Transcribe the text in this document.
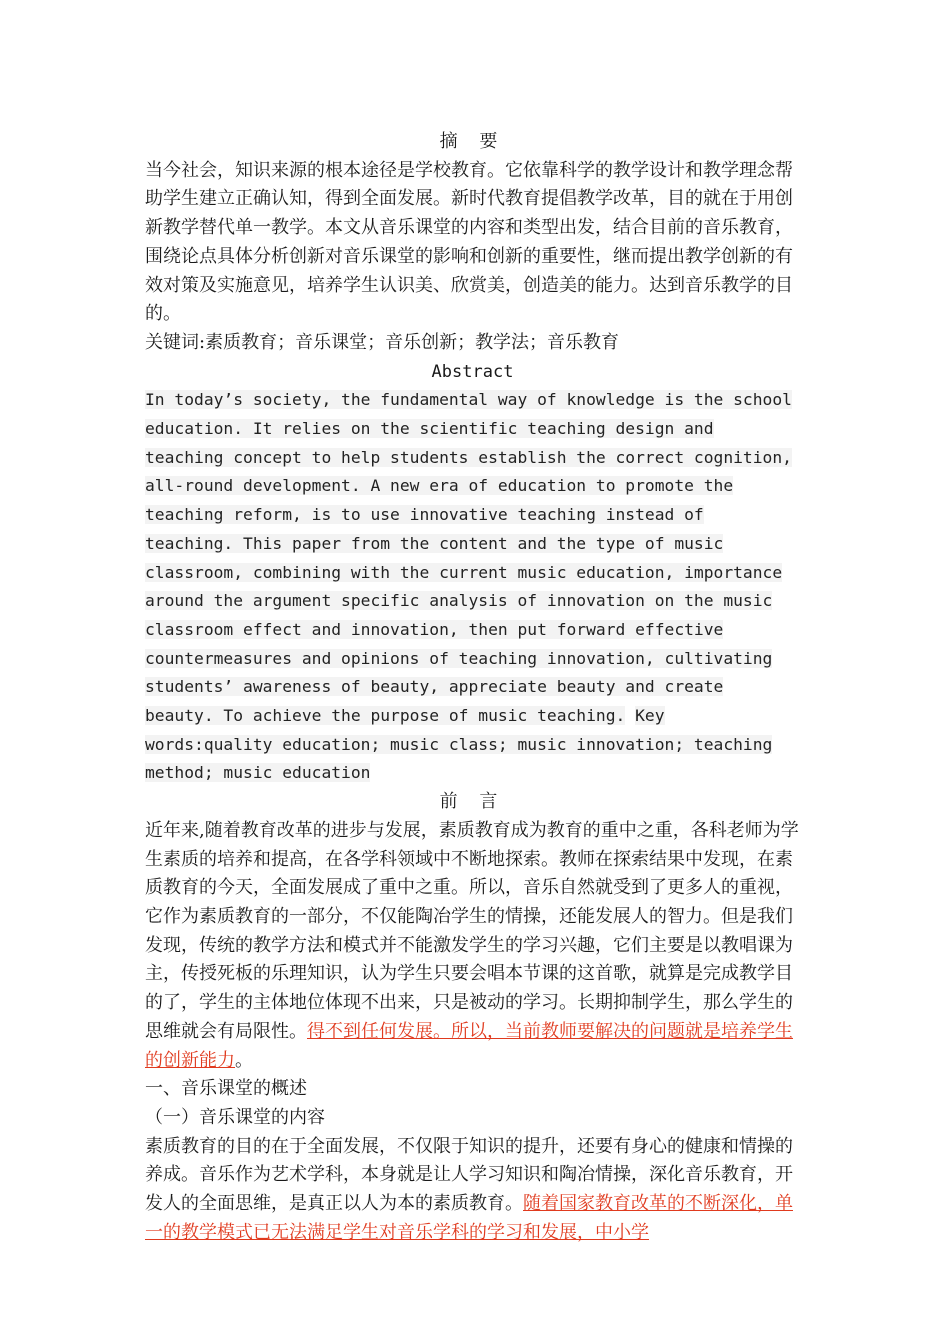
摘 要

当今社会，知识来源的根本途径是学校教育。它依靠科学的教学设计和教学理念帮助学生建立正确认知，得到全面发展。新时代教育提倡教学改革，目的就在于用创新教学替代单一教学。本文从音乐课堂的内容和类型出发，结合目前的音乐教育，围绕论点具体分析创新对音乐课堂的影响和创新的重要性，继而提出教学创新的有效对策及实施意见，培养学生认识美、欣赏美，创造美的能力。达到音乐教学的目的。

关键词:素质教育；音乐课堂；音乐创新；教学法；音乐教育

Abstract

In today’s society, the fundamental way of knowledge is the school education. It relies on the scientific teaching design and teaching concept to help students establish the correct cognition, all-round development. A new era of education to promote the teaching reform, is to use innovative teaching instead of teaching. This paper from the content and the type of music classroom, combining with the current music education, importance around the argument specific analysis of innovation on the music classroom effect and innovation, then put forward effective countermeasures and opinions of teaching innovation, cultivating students’ awareness of beauty, appreciate beauty and create beauty. To achieve the purpose of music teaching. Key words:quality education; music class; music innovation; teaching method; music education

前 言

近年来,随着教育改革的进步与发展，素质教育成为教育的重中之重，各科老师为学生素质的培养和提高，在各学科领域中不断地探索。教师在探索结果中发现，在素质教育的今天，全面发展成了重中之重。所以，音乐自然就受到了更多人的重视，它作为素质教育的一部分，不仅能陶冶学生的情操，还能发展人的智力。但是我们发现，传统的教学方法和模式并不能激发学生的学习兴趣，它们主要是以教唱课为主，传授死板的乐理知识，认为学生只要会唱本节课的这首歌，就算是完成教学目的了，学生的主体地位体现不出来，只是被动的学习。长期抑制学生，那么学生的思维就会有局限性。得不到任何发展。所以，当前教师要解决的问题就是培养学生的创新能力。

一、音乐课堂的概述

（一）音乐课堂的内容

素质教育的目的在于全面发展，不仅限于知识的提升，还要有身心的健康和情操的养成。音乐作为艺术学科，本身就是让人学习知识和陶冶情操，深化音乐教育，开发人的全面思维，是真正以人为本的素质教育。随着国家教育改革的不断深化，单一的教学模式已无法满足学生对音乐学科的学习和发展，中小学
